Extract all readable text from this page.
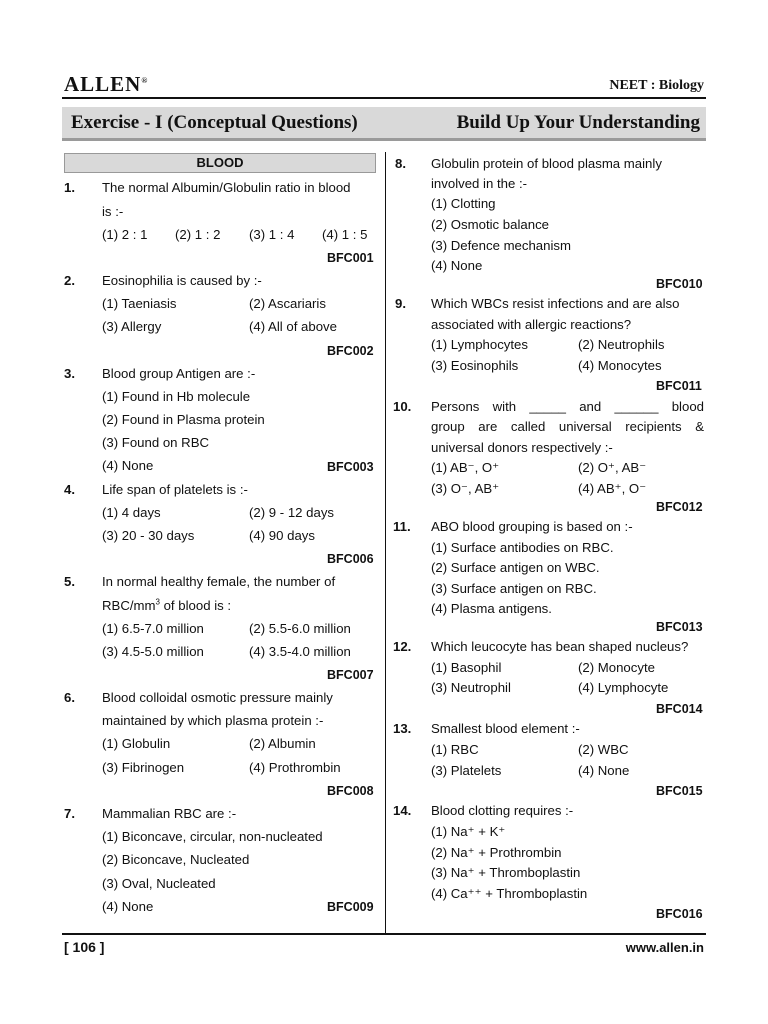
ALLEN®	NEET : Biology
Exercise - I (Conceptual Questions)	Build Up Your Understanding
BLOOD
1. The normal Albumin/Globulin ratio in blood
is :-
(1) 2 : 1 (2) 1 : 2 (3) 1 : 4 (4) 1 : 5
BFC001
2. Eosinophilia is caused by :-
(1) Taeniasis	(2) Ascariaris
(3) Allergy	(4) All of above
BFC002
3. Blood group Antigen are :-
(1) Found in Hb molecule
(2) Found in Plasma protein
(3) Found on RBC
(4) None	BFC003
4. Life span of platelets is :-
(1) 4 days	(2) 9 - 12 days
(3) 20 - 30 days	(4) 90 days
BFC006
5. In normal healthy female, the number of
RBC/$mm^3$ of blood is :
(1) 6.5-7.0 million	(2) 5.5-6.0 million
(3) 4.5-5.0 million	(4) 3.5-4.0 million
BFC007
6. Blood colloidal osmotic pressure mainly
maintained by which plasma protein :-
(1) Globulin	(2) Albumin
(3) Fibrinogen	(4) Prothrombin
BFC008
7. Mammalian RBC are :-
(1) Biconcave, circular, non-nucleated
(2) Biconcave, Nucleated
(3) Oval, Nucleated
(4) None	BFC009
8. Globulin protein of blood plasma mainly
involved in the :-
(1) Clotting
(2) Osmotic balance
(3) Defence mechanism
(4) None
BFC010
9. Which WBCs resist infections and are also
associated with allergic reactions?
(1) Lymphocytes	(2) Neutrophils
(3) Eosinophils	(4) Monocytes
BFC011
10. Persons with _____ and ______ blood
group are called universal recipients &
universal donors respectively :-
(1) AB⁻, O⁺	(2) O⁺, AB⁻
(3) O⁻, AB⁺	(4) AB⁺, O⁻
BFC012
11. ABO blood grouping is based on :-
(1) Surface antibodies on RBC.
(2) Surface antigen on WBC.
(3) Surface antigen on RBC.
(4) Plasma antigens.
BFC013
12. Which leucocyte has bean shaped nucleus?
(1) Basophil	(2) Monocyte
(3) Neutrophil	(4) Lymphocyte
BFC014
13. Smallest blood element :-
(1) RBC	(2) WBC
(3) Platelets	(4) None
BFC015
14. Blood clotting requires :-
(1) Na⁺ + K⁺
(2) Na⁺ + Prothrombin
(3) Na⁺ + Thromboplastin
(4) Ca⁺⁺ + Thromboplastin
BFC016
[ 106 ]	www.allen.in
